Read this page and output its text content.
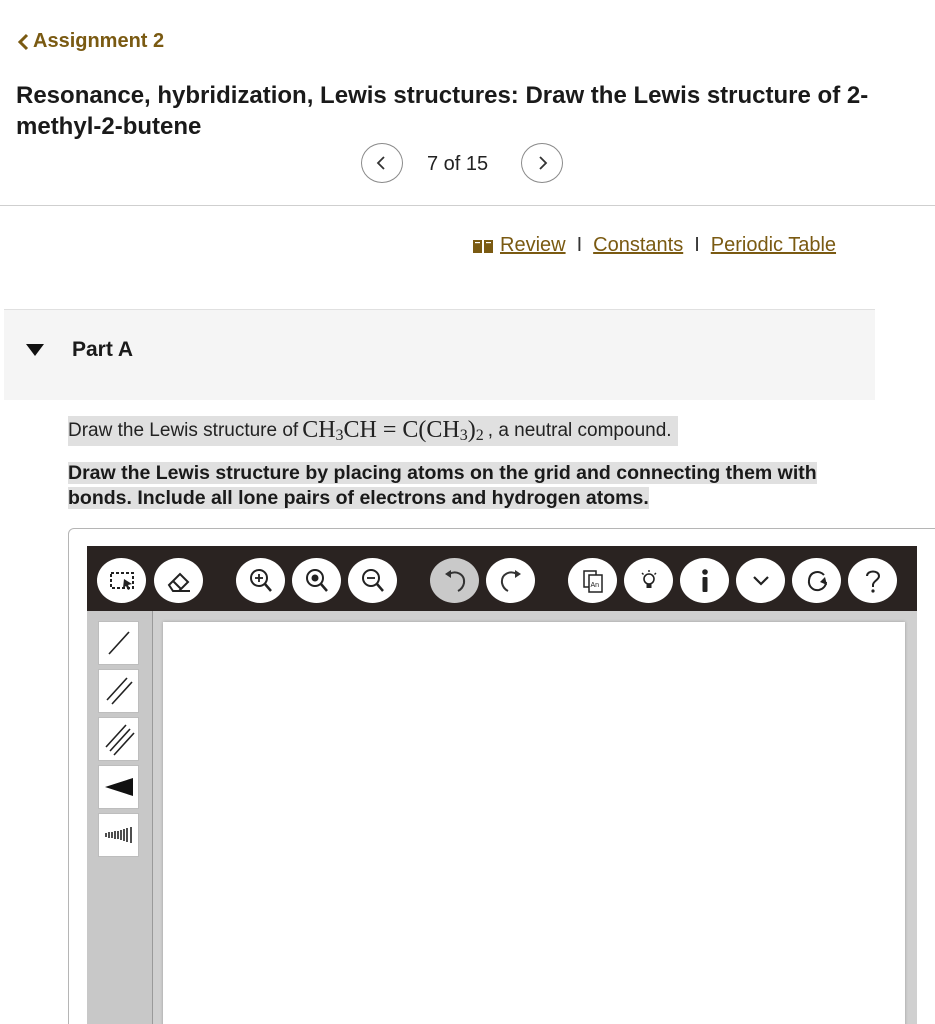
Assignment 2
Resonance, hybridization, Lewis structures: Draw the Lewis structure of 2-methyl-2-butene
7 of 15
Review I Constants I Periodic Table
Part A
Draw the Lewis structure of $CH_3CH = C(CH_3)_2$ , a neutral compound.

Draw the Lewis structure by placing atoms on the grid and connecting them with bonds. Include all lone pairs of electrons and hydrogen atoms.

An
